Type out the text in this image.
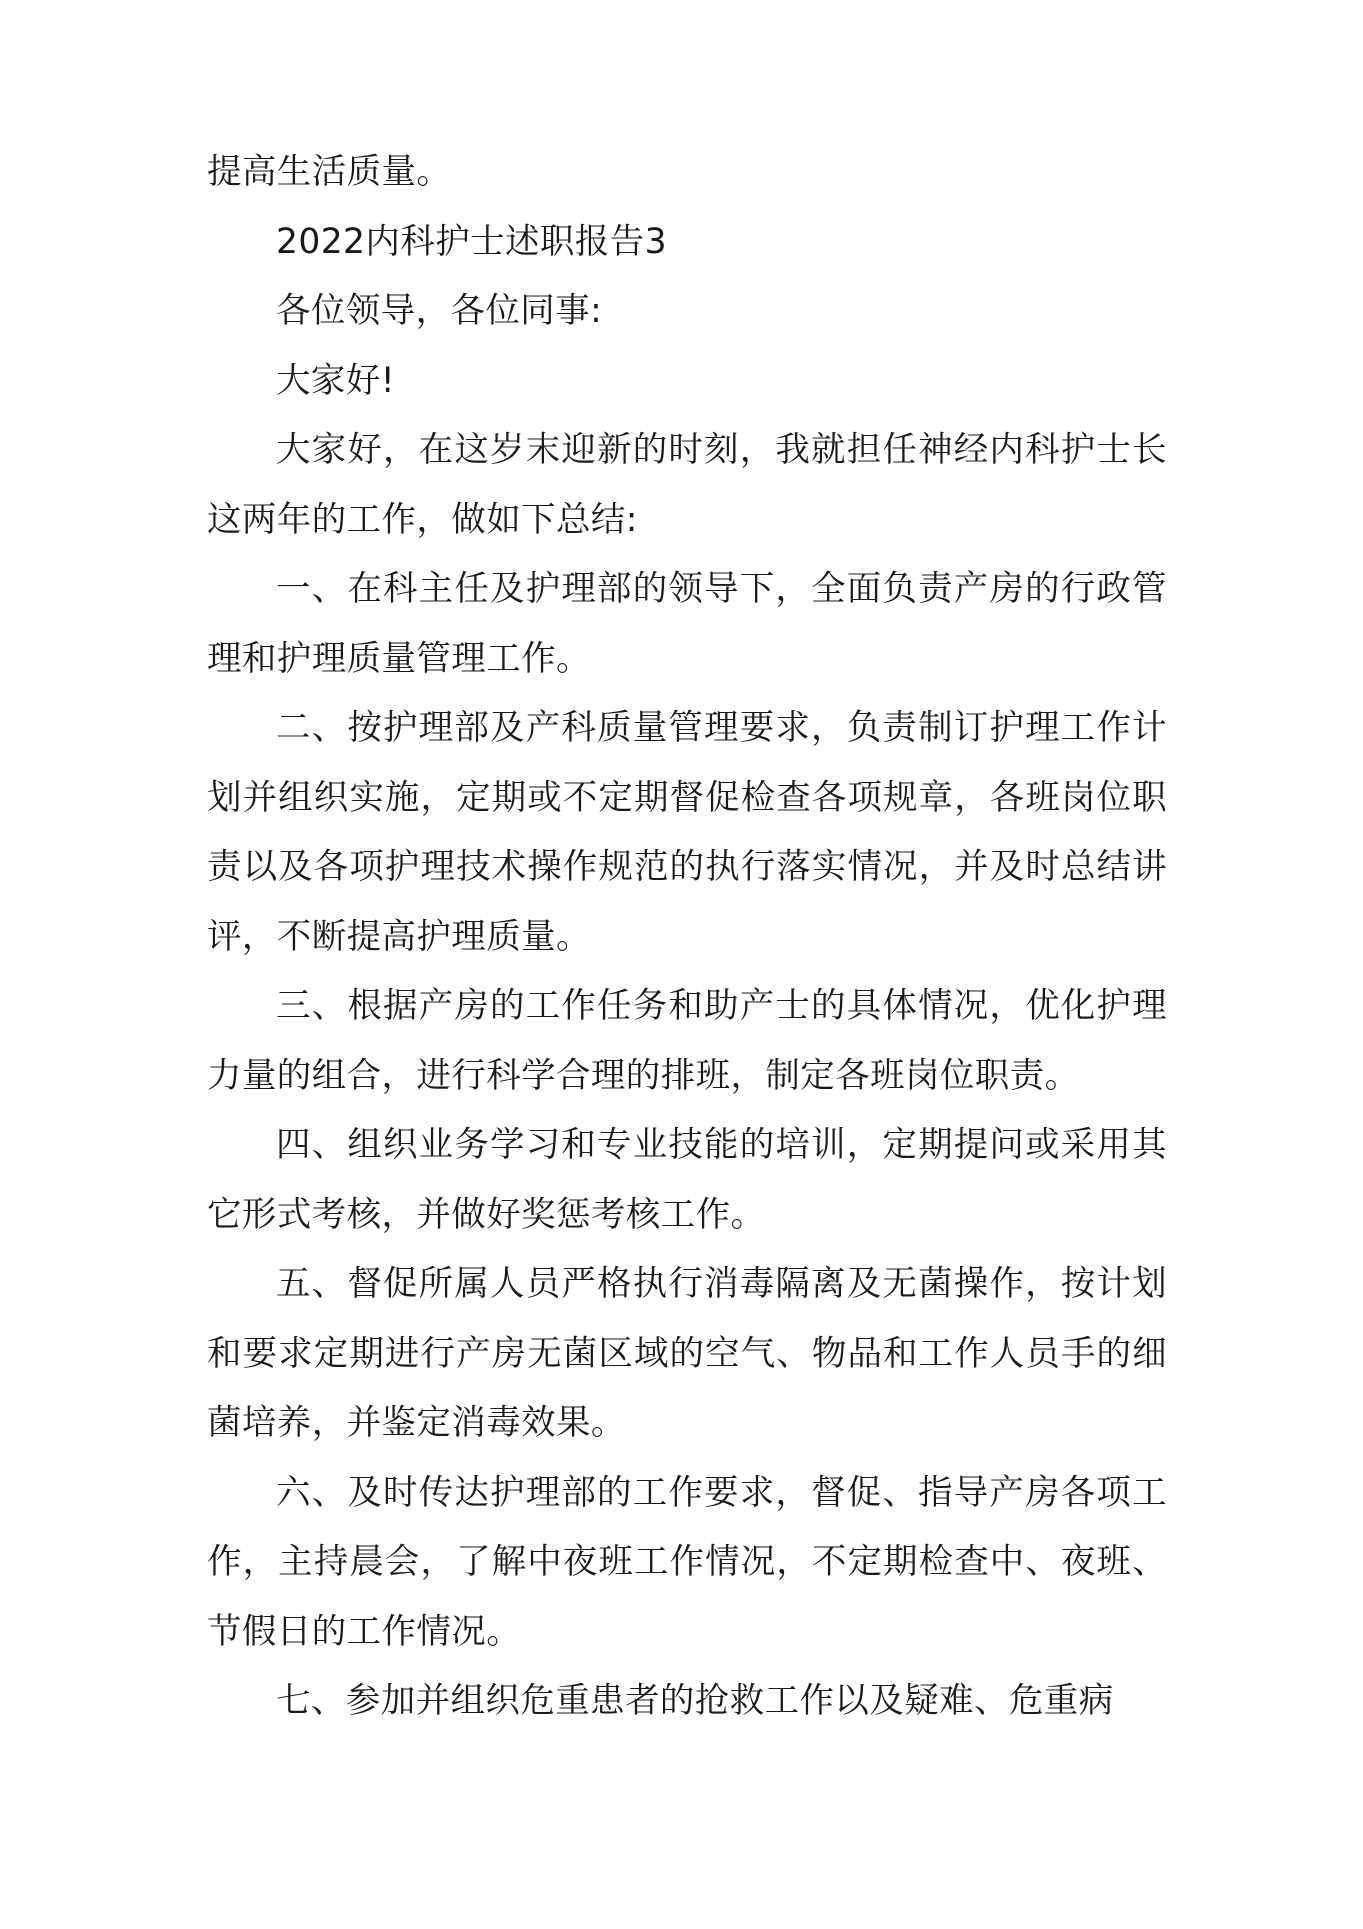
提高生活质量。

2022内科护士述职报告3

各位领导，各位同事:

大家好!

大家好，在这岁末迎新的时刻，我就担任神经内科护士长这两年的工作，做如下总结:

一、在科主任及护理部的领导下，全面负责产房的行政管理和护理质量管理工作。

二、按护理部及产科质量管理要求，负责制订护理工作计划并组织实施，定期或不定期督促检查各项规章，各班岗位职责以及各项护理技术操作规范的执行落实情况，并及时总结讲评，不断提高护理质量。

三、根据产房的工作任务和助产士的具体情况，优化护理力量的组合，进行科学合理的排班，制定各班岗位职责。

四、组织业务学习和专业技能的培训，定期提问或采用其它形式考核，并做好奖惩考核工作。

五、督促所属人员严格执行消毒隔离及无菌操作，按计划和要求定期进行产房无菌区域的空气、物品和工作人员手的细菌培养，并鉴定消毒效果。

六、及时传达护理部的工作要求，督促、指导产房各项工作，主持晨会，了解中夜班工作情况，不定期检查中、夜班、节假日的工作情况。

七、参加并组织危重患者的抢救工作以及疑难、危重病
